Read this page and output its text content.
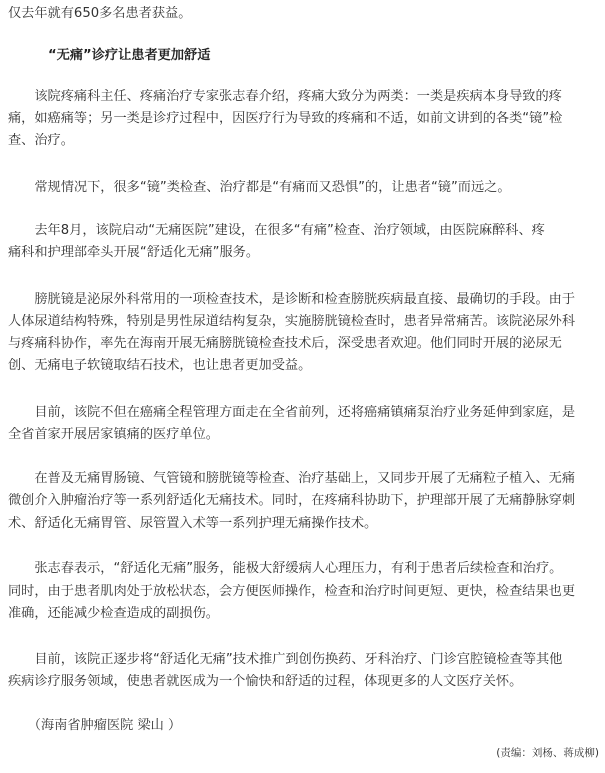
仅去年就有650多名患者获益。
“无痛”诊疗让患者更加舒适
　　该院疼痛科主任、疼痛治疗专家张志春介绍，疼痛大致分为两类：一类是疾病本身导致的疼
痛，如癌痛等；另一类是诊疗过程中，因医疗行为导致的疼痛和不适，如前文讲到的各类“镜”检
查、治疗。
　　常规情况下，很多“镜”类检查、治疗都是“有痛而又恐惧”的，让患者“镜”而远之。
　　去年8月，该院启动“无痛医院”建设，在很多“有痛”检查、治疗领域，由医院麻醉科、疼
痛科和护理部牵头开展“舒适化无痛”服务。
　　膀胱镜是泌尿外科常用的一项检查技术，是诊断和检查膀胱疾病最直接、最确切的手段。由于
人体尿道结构特殊，特别是男性尿道结构复杂，实施膀胱镜检查时，患者异常痛苦。该院泌尿外科
与疼痛科协作，率先在海南开展无痛膀胱镜检查技术后，深受患者欢迎。他们同时开展的泌尿无
创、无痛电子软镜取结石技术，也让患者更加受益。
　　目前，该院不但在癌痛全程管理方面走在全省前列，还将癌痛镇痛泵治疗业务延伸到家庭，是
全省首家开展居家镇痛的医疗单位。
　　在普及无痛胃肠镜、气管镜和膀胱镜等检查、治疗基础上，又同步开展了无痛粒子植入、无痛
微创介入肿瘤治疗等一系列舒适化无痛技术。同时，在疼痛科协助下，护理部开展了无痛静脉穿刺
术、舒适化无痛胃管、尿管置入术等一系列护理无痛操作技术。
　　张志春表示，“舒适化无痛”服务，能极大舒缓病人心理压力，有利于患者后续检查和治疗。
同时，由于患者肌肉处于放松状态，会方便医师操作，检查和治疗时间更短、更快，检查结果也更
准确，还能减少检查造成的副损伤。
　　目前，该院正逐步将“舒适化无痛”技术推广到创伤换药、牙科治疗、门诊宫腔镜检查等其他
疾病诊疗服务领域，使患者就医成为一个愉快和舒适的过程，体现更多的人文医疗关怀。
　　（海南省肿瘤医院 梁山 ）
(责编：刘杨、蒋成柳)
